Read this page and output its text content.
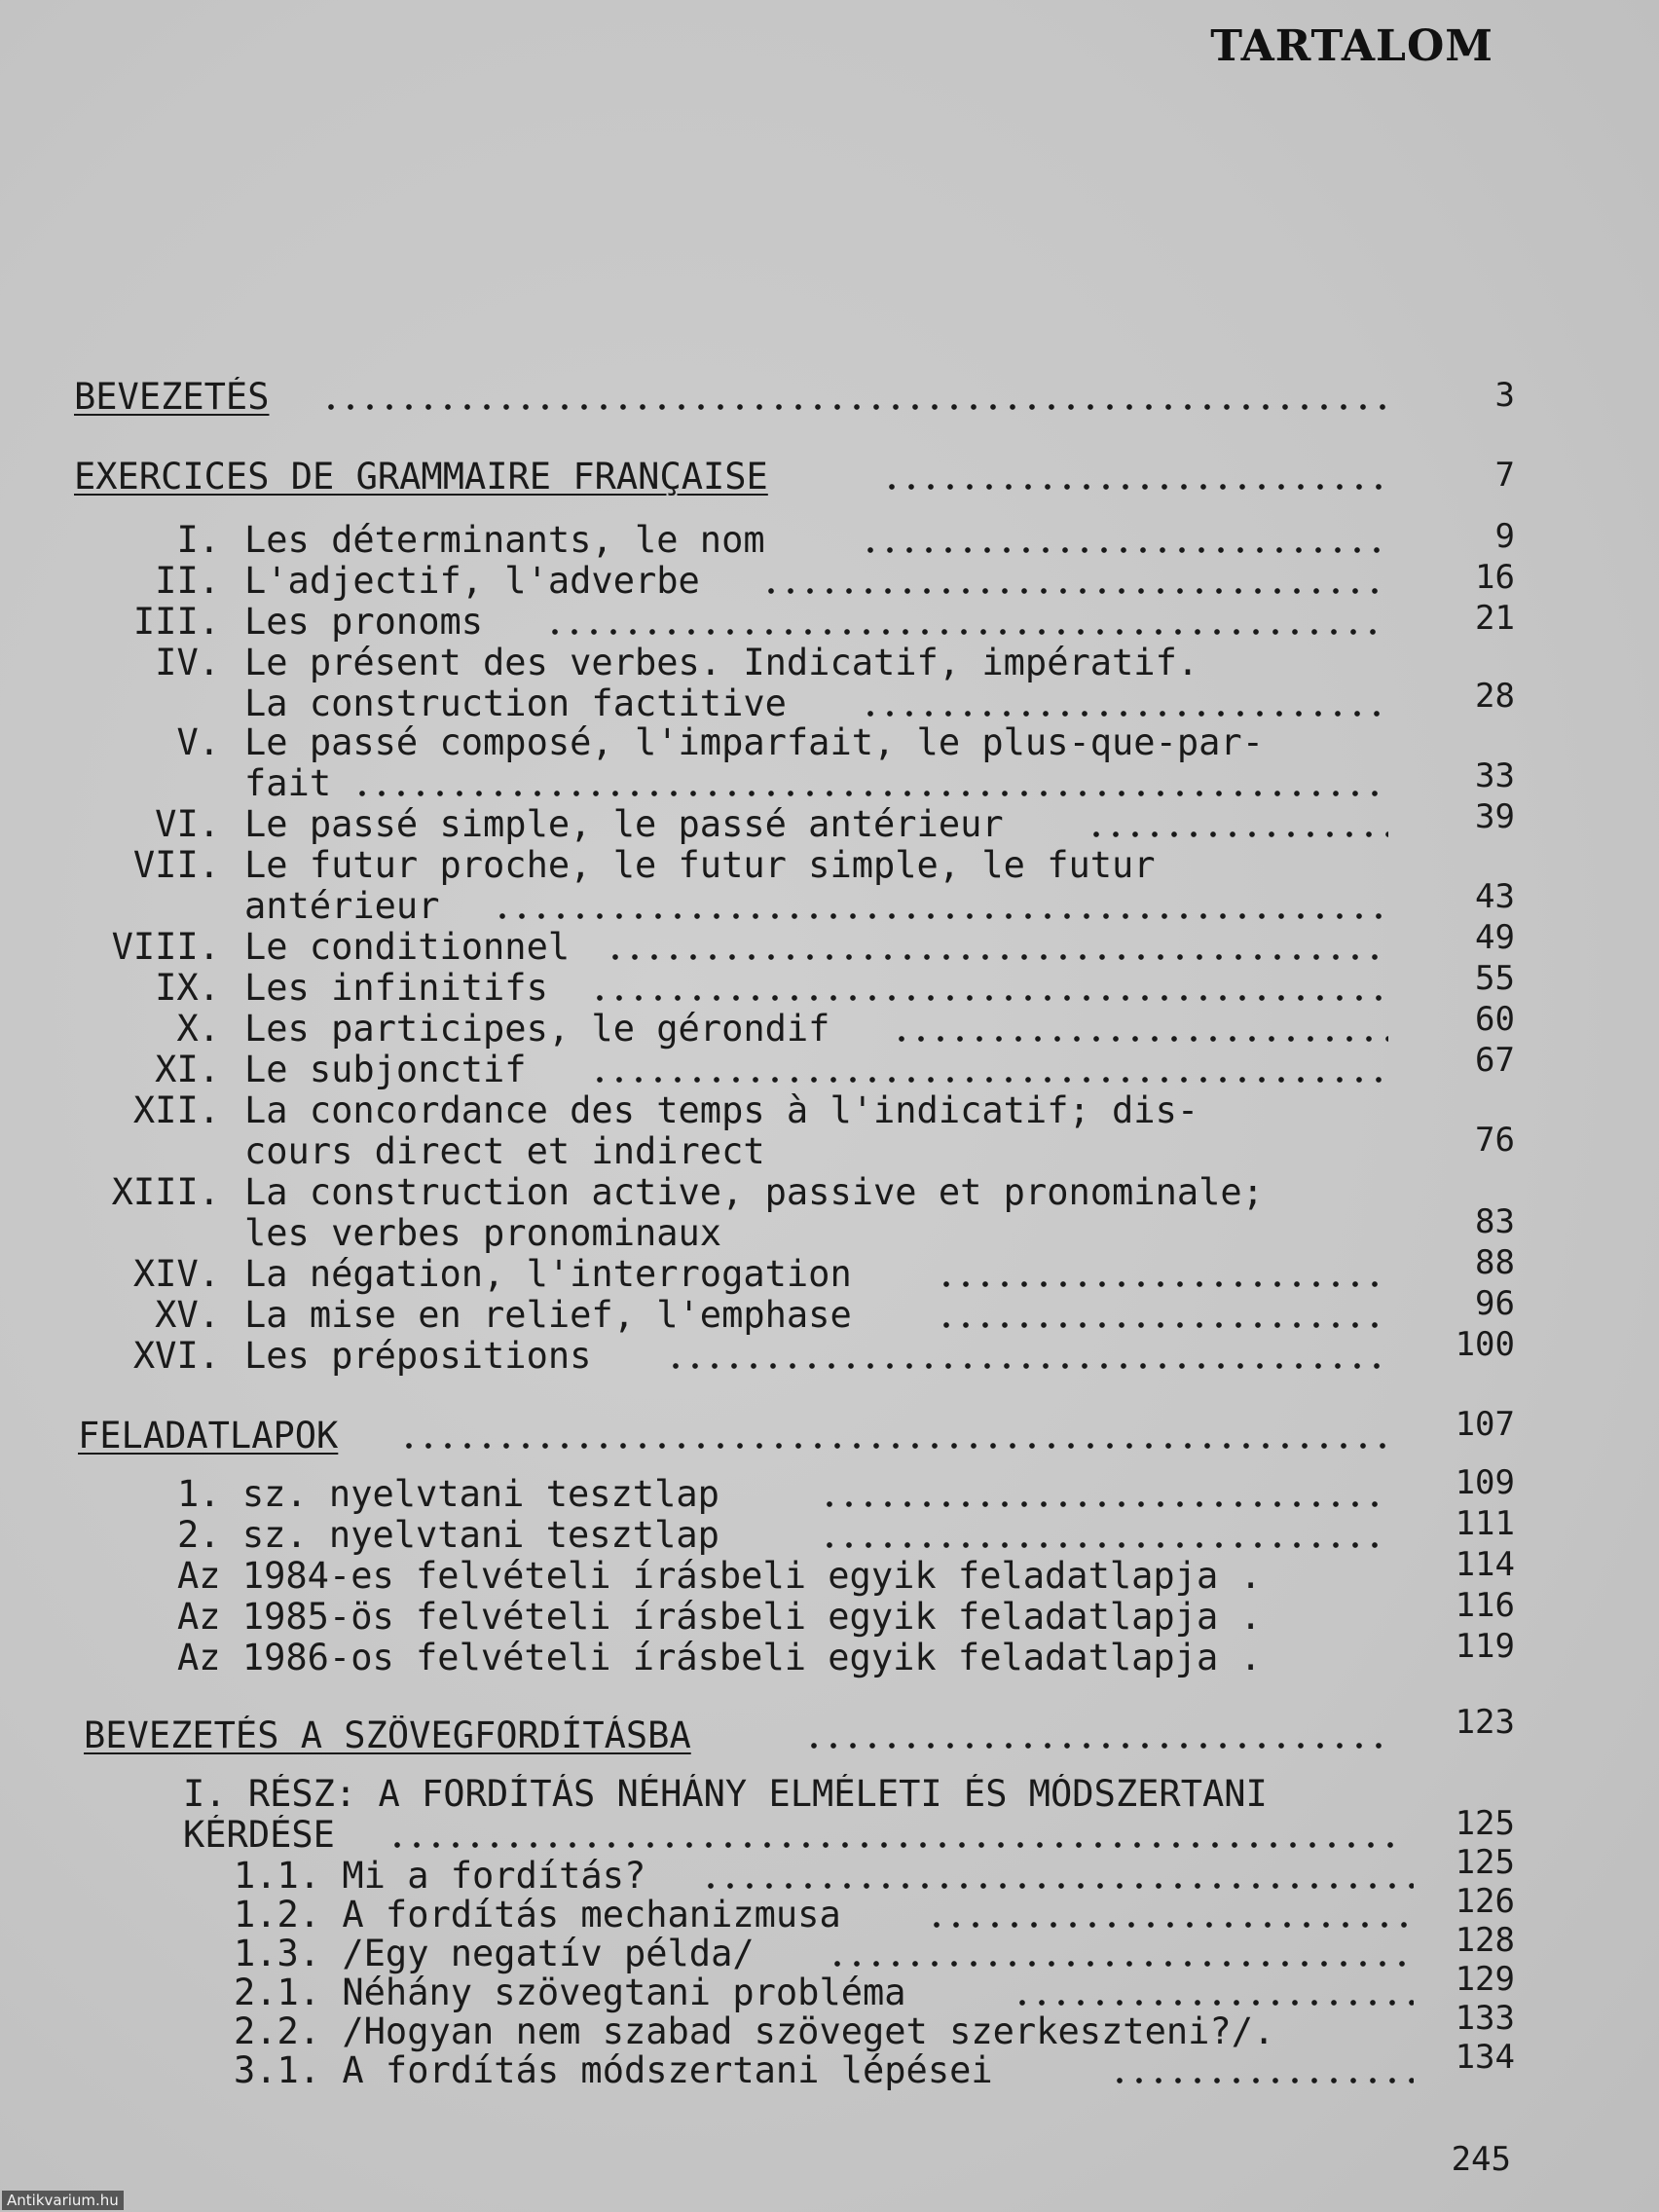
TARTALOM
BEVEZETÉS	3
EXERCICES DE GRAMMAIRE FRANÇAISE	7
I. Les déterminants, le nom	9
II. L'adjectif, l'adverbe	16
III. Les pronoms	21
IV. Le présent des verbes. Indicatif, impératif.
La construction factitive	28
V. Le passé composé, l'imparfait, le plus-que-par-
fait	33
VI. Le passé simple, le passé antérieur	39
VII. Le futur proche, le futur simple, le futur
antérieur	43
VIII. Le conditionnel	49
IX. Les infinitifs	55
X. Les participes, le gérondif	60
XI. Le subjonctif	67
XII. La concordance des temps à l'indicatif; dis-
cours direct et indirect	76
XIII. La construction active, passive et pronominale;
les verbes pronominaux	83
XIV. La négation, l'interrogation	88
XV. La mise en relief, l'emphase	96
XVI. Les prépositions	100
FELADATLAPOK	107
1. sz. nyelvtani tesztlap	109
2. sz. nyelvtani tesztlap	111
Az 1984-es felvételi írásbeli egyik feladatlapja .	114
Az 1985-ös felvételi írásbeli egyik feladatlapja .	116
Az 1986-os felvételi írásbeli egyik feladatlapja .	119
BEVEZETÉS A SZÖVEGFORDÍTÁSBA	123
I. RÉSZ: A FORDÍTÁS NÉHÁNY ELMÉLETI ÉS MÓDSZERTANI
KÉRDÉSE	125
1.1. Mi a fordítás?	125
1.2. A fordítás mechanizmusa	126
1.3. /Egy negatív példa/	128
2.1. Néhány szövegtani probléma	129
2.2. /Hogyan nem szabad szöveget szerkeszteni?/.	133
3.1. A fordítás módszertani lépései	134
245
Antikvarium.hu
